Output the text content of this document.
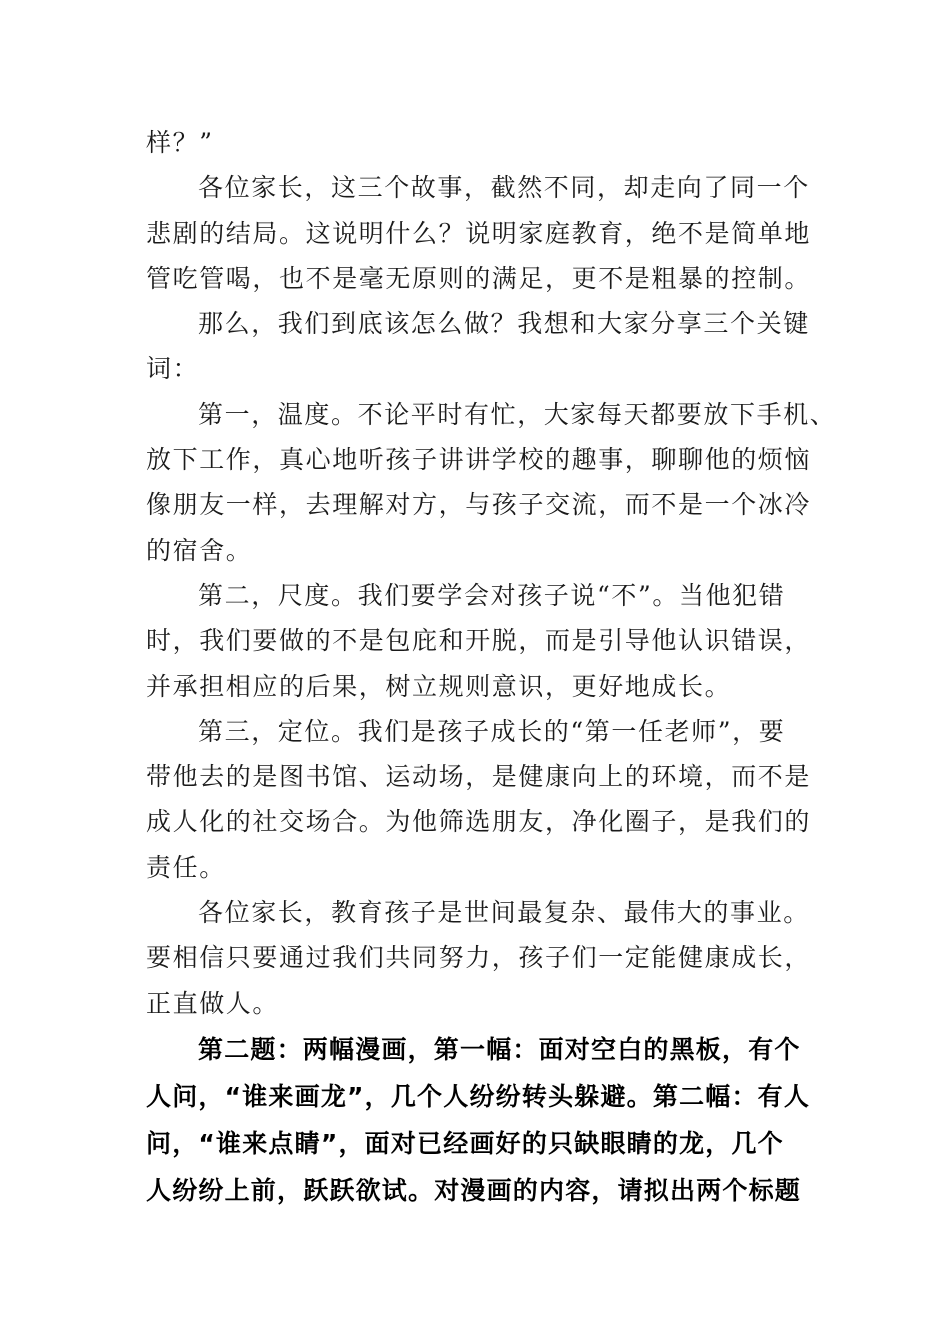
样？”
各位家长，这三个故事，截然不同，却走向了同一个
悲剧的结局。这说明什么？说明家庭教育，绝不是简单地
管吃管喝，也不是毫无原则的满足，更不是粗暴的控制。
那么，我们到底该怎么做？我想和大家分享三个关键
词：
第一，温度。不论平时有忙，大家每天都要放下手机、
放下工作，真心地听孩子讲讲学校的趣事，聊聊他的烦恼
像朋友一样，去理解对方，与孩子交流，而不是一个冰冷
的宿舍。
第二，尺度。我们要学会对孩子说“不”。当他犯错
时，我们要做的不是包庇和开脱，而是引导他认识错误，
并承担相应的后果，树立规则意识，更好地成长。
第三，定位。我们是孩子成长的“第一任老师”，要
带他去的是图书馆、运动场，是健康向上的环境，而不是
成人化的社交场合。为他筛选朋友，净化圈子，是我们的
责任。
各位家长，教育孩子是世间最复杂、最伟大的事业。
要相信只要通过我们共同努力，孩子们一定能健康成长，
正直做人。
第二题：两幅漫画，第一幅：面对空白的黑板，有个
人问，“谁来画龙”，几个人纷纷转头躲避。第二幅：有人
问，“谁来点睛”，面对已经画好的只缺眼睛的龙，几个
人纷纷上前，跃跃欲试。对漫画的内容，请拟出两个标题
